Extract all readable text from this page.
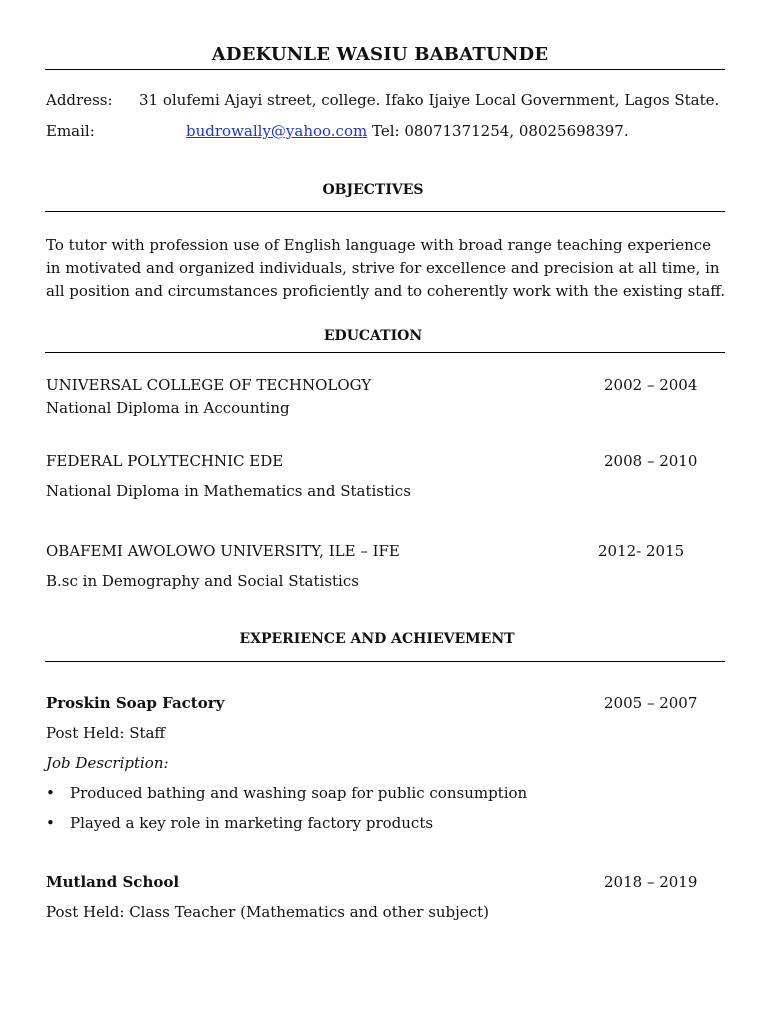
ADEKUNLE WASIU BABATUNDE
Address: 31 olufemi Ajayi street, college. Ifako Ijaiye Local Government, Lagos State.
Email:	budrowally@yahoo.com Tel: 08071371254, 08025698397.
OBJECTIVES
To tutor with profession use of English language with broad range teaching experience in motivated and organized individuals, strive for excellence and precision at all time, in all position and circumstances proficiently and to coherently work with the existing staff.
EDUCATION
UNIVERSAL COLLEGE OF TECHNOLOGY	2002 – 2004
National Diploma in Accounting
FEDERAL POLYTECHNIC EDE	2008 – 2010
National Diploma in Mathematics and Statistics
OBAFEMI AWOLOWO UNIVERSITY, ILE – IFE	2012- 2015
B.sc in Demography and Social Statistics
EXPERIENCE AND ACHIEVEMENT
Proskin Soap Factory	2005 – 2007
Post Held: Staff
Job Description:
• Produced bathing and washing soap for public consumption
• Played a key role in marketing factory products
Mutland School	2018 – 2019
Post Held: Class Teacher (Mathematics and other subject)
